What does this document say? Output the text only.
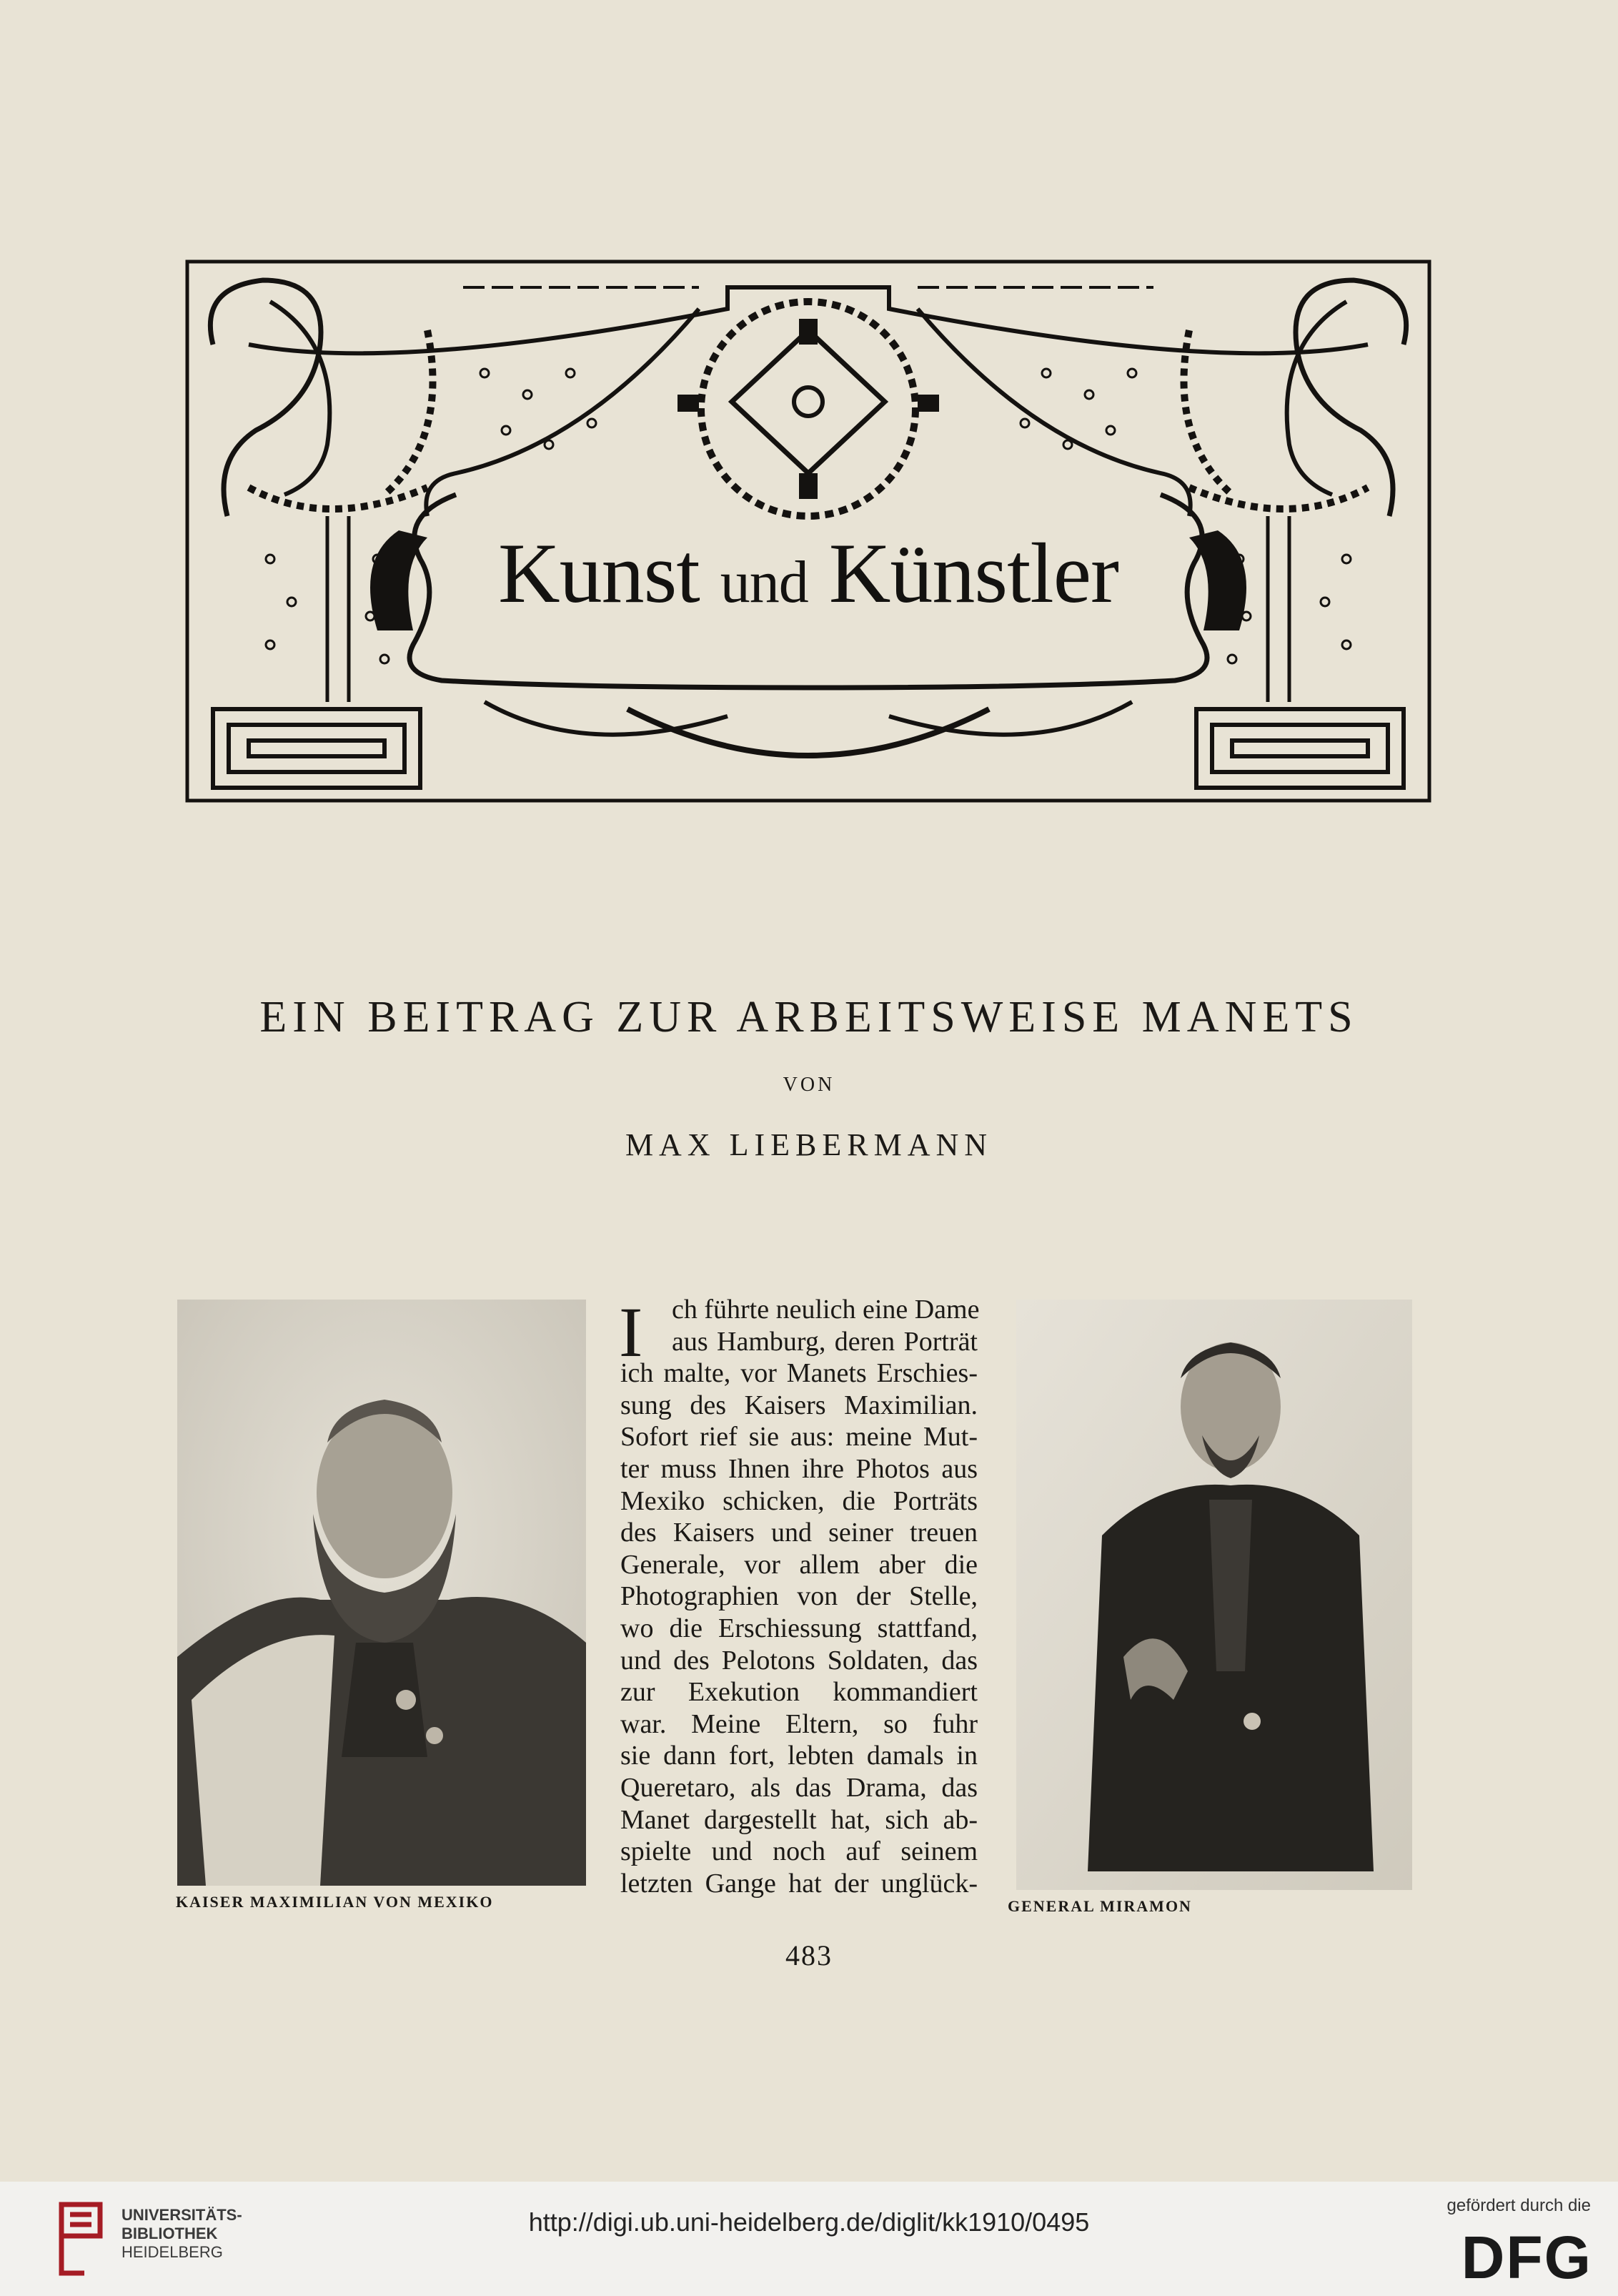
Kunst und Künstler
EIN BEITRAG ZUR ARBEITSWEISE MANETS
VON
MAX LIEBERMANN
KAISER MAXIMILIAN VON MEXIKO
I	ch führte neulich eine Dame
aus Hamburg, deren Porträt
ich malte, vor Manets Erschies-
sung des Kaisers Maximilian.
Sofort rief sie aus: meine Mut-
ter muss Ihnen ihre Photos aus
Mexiko schicken, die Porträts
des Kaisers und seiner treuen
Generale, vor allem aber die
Photographien von der Stelle,
wo die Erschiessung stattfand,
und des Pelotons Soldaten, das
zur Exekution kommandiert
war. Meine Eltern, so fuhr
sie dann fort, lebten damals in
Queretaro, als das Drama, das
Manet dargestellt hat, sich ab-
spielte und noch auf seinem
letzten Gange hat der unglück-
GENERAL MIRAMON
483
UNIVERSITÄTS-
BIBLIOTHEK
HEIDELBERG
http://digi.ub.uni-heidelberg.de/diglit/kk1910/0495
gefördert durch die
DFG
